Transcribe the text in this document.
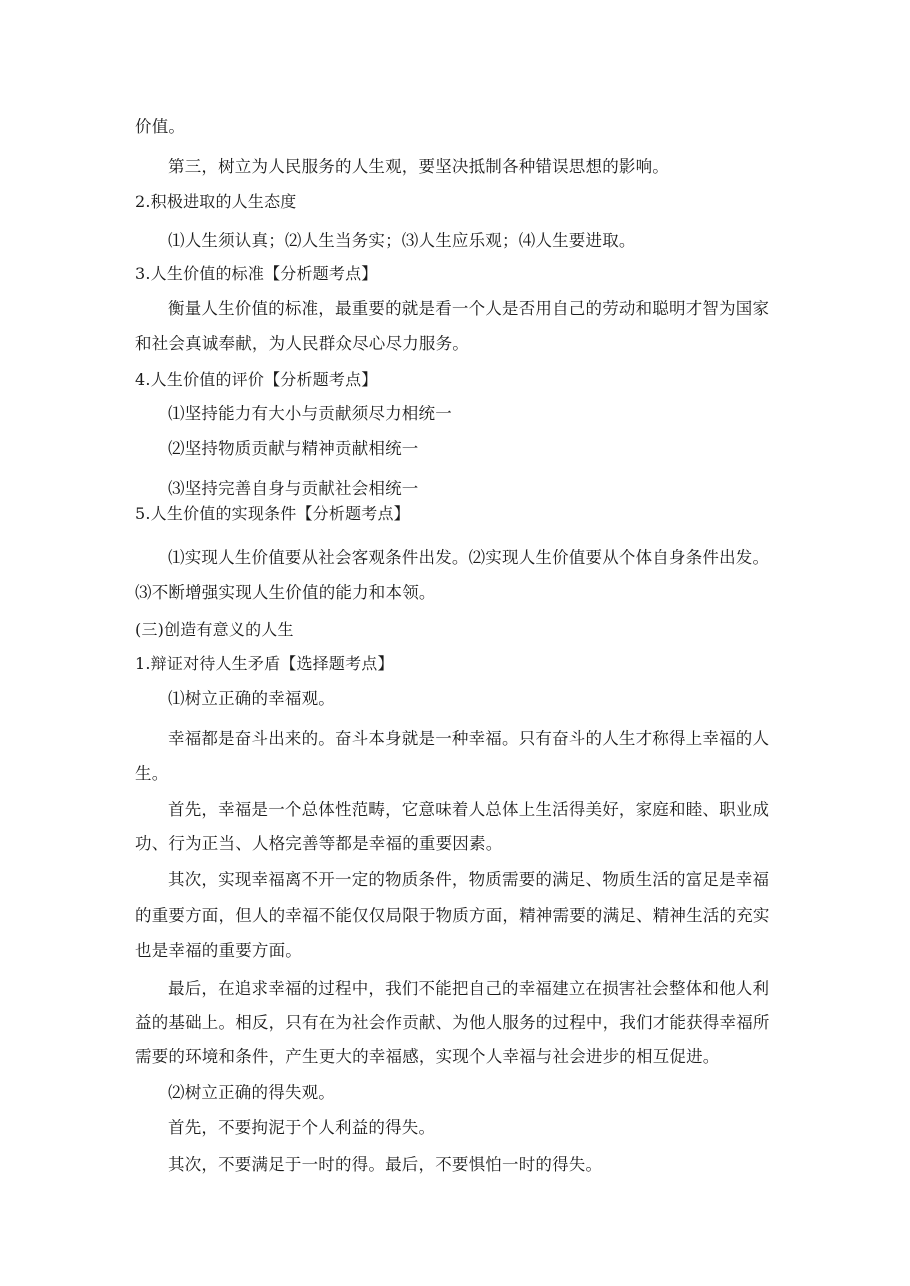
价值。

第三，树立为人民服务的人生观，要坚决抵制各种错误思想的影响。

2.积极进取的人生态度

⑴人生须认真；⑵人生当务实；⑶人生应乐观；⑷人生要进取。

3.人生价值的标准【分析题考点】

衡量人生价值的标准，最重要的就是看一个人是否用自己的劳动和聪明才智为国家

和社会真诚奉献，为人民群众尽心尽力服务。

4.人生价值的评价【分析题考点】

⑴坚持能力有大小与贡献须尽力相统一

⑵坚持物质贡献与精神贡献相统一

⑶坚持完善自身与贡献社会相统一

5.人生价值的实现条件【分析题考点】

⑴实现人生价值要从社会客观条件出发。⑵实现人生价值要从个体自身条件出发。

⑶不断增强实现人生价值的能力和本领。

(三)创造有意义的人生

1.辩证对待人生矛盾【选择题考点】

⑴树立正确的幸福观。

幸福都是奋斗出来的。奋斗本身就是一种幸福。只有奋斗的人生才称得上幸福的人

生。

首先，幸福是一个总体性范畴，它意味着人总体上生活得美好，家庭和睦、职业成

功、行为正当、人格完善等都是幸福的重要因素。

其次，实现幸福离不开一定的物质条件，物质需要的满足、物质生活的富足是幸福

的重要方面，但人的幸福不能仅仅局限于物质方面，精神需要的满足、精神生活的充实

也是幸福的重要方面。

最后，在追求幸福的过程中，我们不能把自己的幸福建立在损害社会整体和他人利

益的基础上。相反，只有在为社会作贡献、为他人服务的过程中，我们才能获得幸福所

需要的环境和条件，产生更大的幸福感，实现个人幸福与社会进步的相互促进。

⑵树立正确的得失观。

首先，不要拘泥于个人利益的得失。

其次，不要满足于一时的得。最后，不要惧怕一时的得失。
